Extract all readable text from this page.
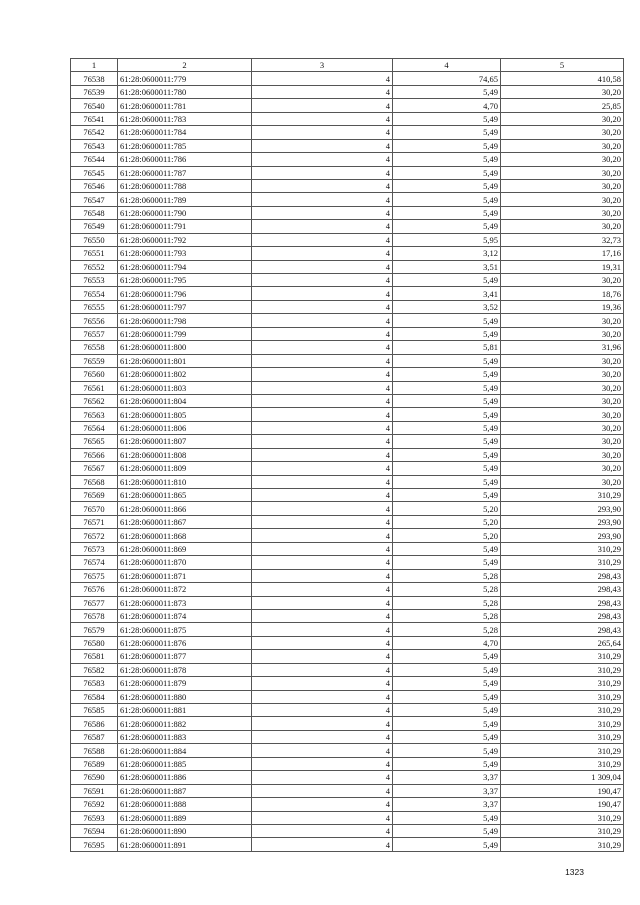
1	2	3	4	5
76538	61:28:0600011:779	4	74,65	410,58
76539	61:28:0600011:780	4	5,49	30,20
76540	61:28:0600011:781	4	4,70	25,85
76541	61:28:0600011:783	4	5,49	30,20
76542	61:28:0600011:784	4	5,49	30,20
76543	61:28:0600011:785	4	5,49	30,20
76544	61:28:0600011:786	4	5,49	30,20
76545	61:28:0600011:787	4	5,49	30,20
76546	61:28:0600011:788	4	5,49	30,20
76547	61:28:0600011:789	4	5,49	30,20
76548	61:28:0600011:790	4	5,49	30,20
76549	61:28:0600011:791	4	5,49	30,20
76550	61:28:0600011:792	4	5,95	32,73
76551	61:28:0600011:793	4	3,12	17,16
76552	61:28:0600011:794	4	3,51	19,31
76553	61:28:0600011:795	4	5,49	30,20
76554	61:28:0600011:796	4	3,41	18,76
76555	61:28:0600011:797	4	3,52	19,36
76556	61:28:0600011:798	4	5,49	30,20
76557	61:28:0600011:799	4	5,49	30,20
76558	61:28:0600011:800	4	5,81	31,96
76559	61:28:0600011:801	4	5,49	30,20
76560	61:28:0600011:802	4	5,49	30,20
76561	61:28:0600011:803	4	5,49	30,20
76562	61:28:0600011:804	4	5,49	30,20
76563	61:28:0600011:805	4	5,49	30,20
76564	61:28:0600011:806	4	5,49	30,20
76565	61:28:0600011:807	4	5,49	30,20
76566	61:28:0600011:808	4	5,49	30,20
76567	61:28:0600011:809	4	5,49	30,20
76568	61:28:0600011:810	4	5,49	30,20
76569	61:28:0600011:865	4	5,49	310,29
76570	61:28:0600011:866	4	5,20	293,90
76571	61:28:0600011:867	4	5,20	293,90
76572	61:28:0600011:868	4	5,20	293,90
76573	61:28:0600011:869	4	5,49	310,29
76574	61:28:0600011:870	4	5,49	310,29
76575	61:28:0600011:871	4	5,28	298,43
76576	61:28:0600011:872	4	5,28	298,43
76577	61:28:0600011:873	4	5,28	298,43
76578	61:28:0600011:874	4	5,28	298,43
76579	61:28:0600011:875	4	5,28	298,43
76580	61:28:0600011:876	4	4,70	265,64
76581	61:28:0600011:877	4	5,49	310,29
76582	61:28:0600011:878	4	5,49	310,29
76583	61:28:0600011:879	4	5,49	310,29
76584	61:28:0600011:880	4	5,49	310,29
76585	61:28:0600011:881	4	5,49	310,29
76586	61:28:0600011:882	4	5,49	310,29
76587	61:28:0600011:883	4	5,49	310,29
76588	61:28:0600011:884	4	5,49	310,29
76589	61:28:0600011:885	4	5,49	310,29
76590	61:28:0600011:886	4	3,37	1 309,04
76591	61:28:0600011:887	4	3,37	190,47
76592	61:28:0600011:888	4	3,37	190,47
76593	61:28:0600011:889	4	5,49	310,29
76594	61:28:0600011:890	4	5,49	310,29
76595	61:28:0600011:891	4	5,49	310,29
1323
